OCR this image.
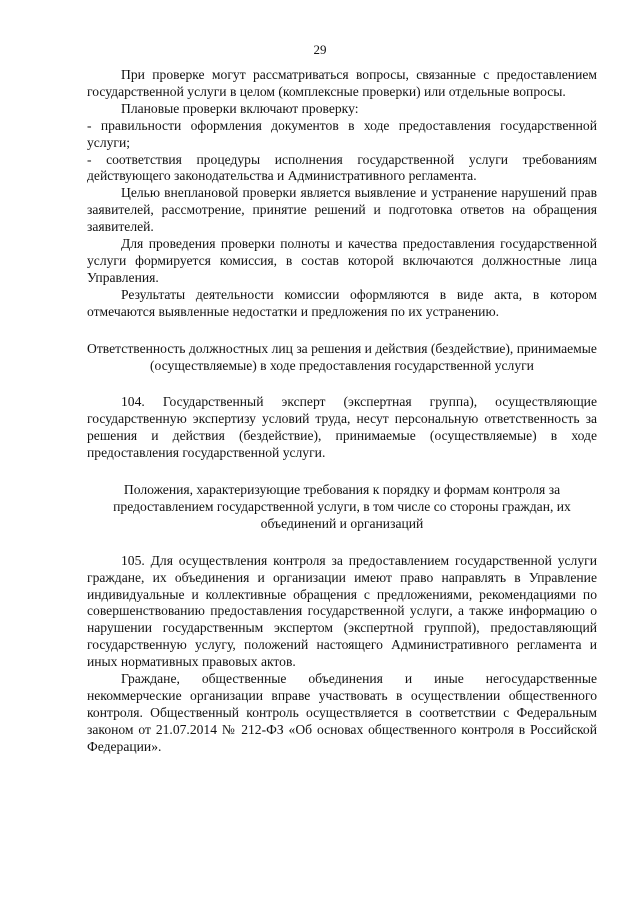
29

При проверке могут рассматриваться вопросы, связанные с предоставлением государственной услуги в целом (комплексные проверки) или отдельные вопросы.

Плановые проверки включают проверку:

- правильности оформления документов в ходе предоставления государственной услуги;

- соответствия процедуры исполнения государственной услуги требованиям действующего законодательства и Административного регламента.

Целью внеплановой проверки является выявление и устранение нарушений прав заявителей, рассмотрение, принятие решений и подготовка ответов на обращения заявителей.

Для проведения проверки полноты и качества предоставления государственной услуги формируется комиссия, в состав которой включаются должностные лица Управления.

Результаты деятельности комиссии оформляются в виде акта, в котором отмечаются выявленные недостатки и предложения по их устранению.

Ответственность должностных лиц за решения и действия (бездействие), принимаемые (осуществляемые) в ходе предоставления государственной услуги

104. Государственный эксперт (экспертная группа), осуществляющие государственную экспертизу условий труда, несут персональную ответственность за решения и действия (бездействие), принимаемые (осуществляемые) в ходе предоставления государственной услуги.

Положения, характеризующие требования к порядку и формам контроля за предоставлением государственной услуги, в том числе со стороны граждан, их объединений и организаций

105. Для осуществления контроля за предоставлением государственной услуги граждане, их объединения и организации имеют право направлять в Управление индивидуальные и коллективные обращения с предложениями, рекомендациями по совершенствованию предоставления государственной услуги, а также информацию о нарушении государственным экспертом (экспертной группой), предоставляющий государственную услугу, положений настоящего Административного регламента и иных нормативных правовых актов.

Граждане, общественные объединения и иные негосударственные некоммерческие организации вправе участвовать в осуществлении общественного контроля. Общественный контроль осуществляется в соответствии с Федеральным законом от 21.07.2014 № 212-ФЗ «Об основах общественного контроля в Российской Федерации».
